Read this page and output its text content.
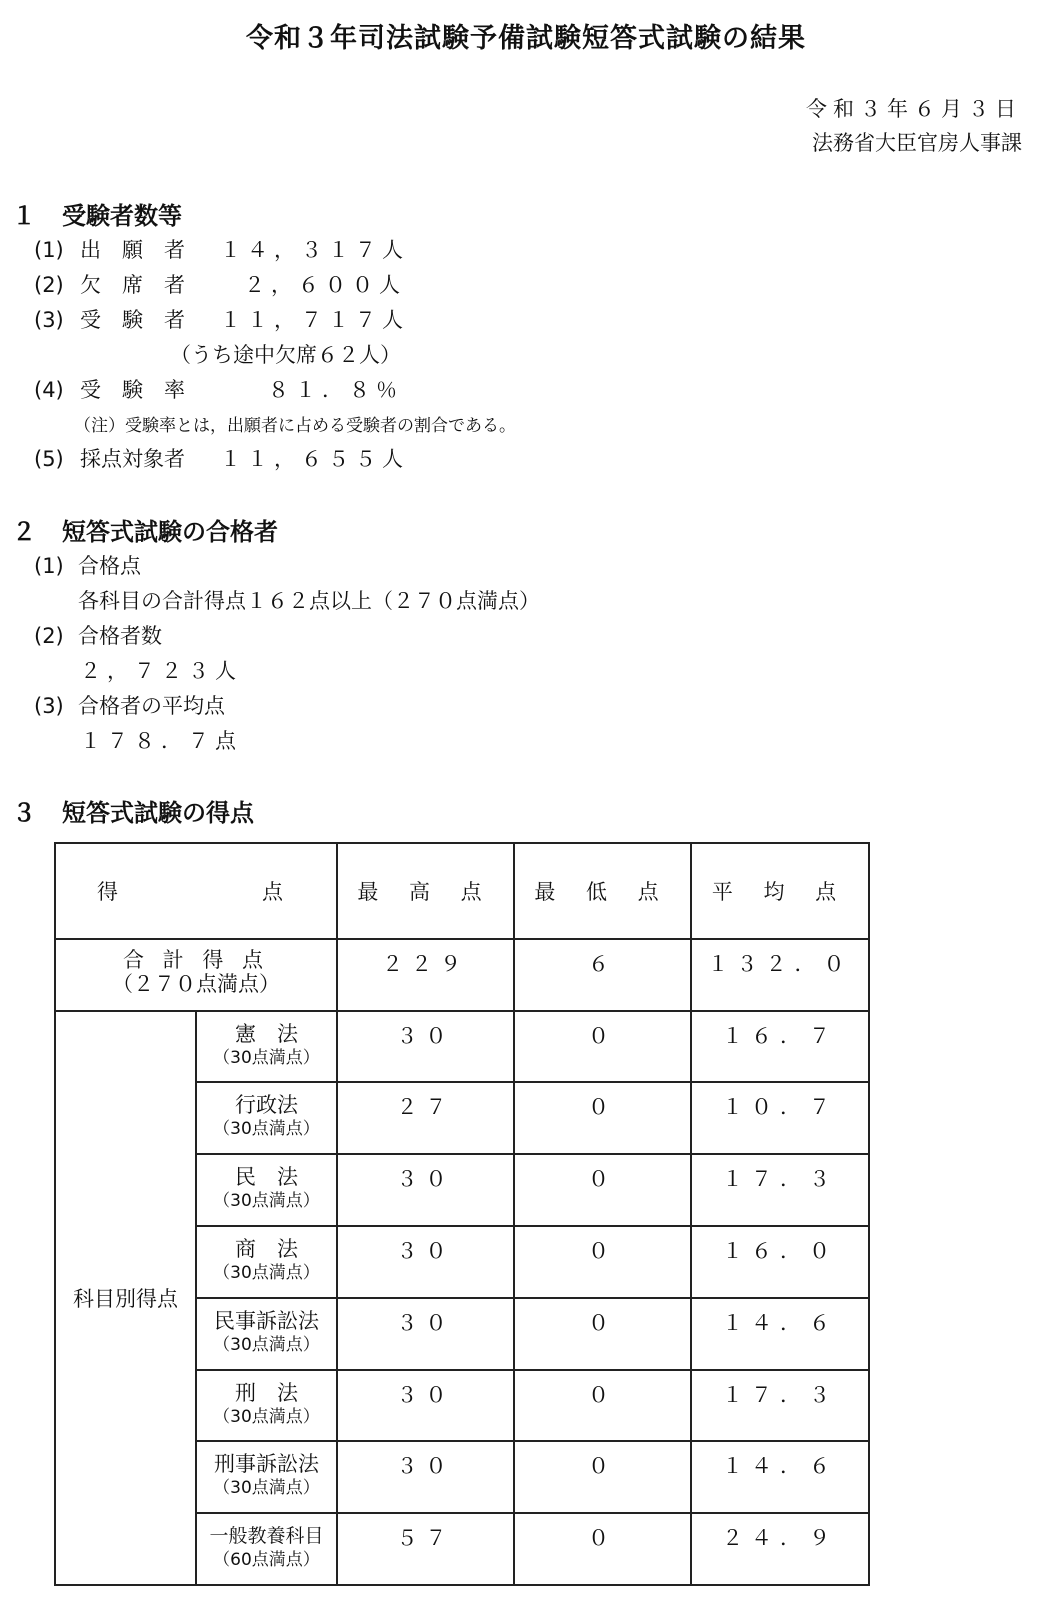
令和３年司法試験予備試験短答式試験の結果
令和３年６月３日
法務省大臣官房人事課
１ 受験者数等
(1) 出　願　者 １４，３１７人
(2) 欠　席　者	２，６００人
(3) 受　験　者 １１，７１７人
（うち途中欠席６２人）
(4) 受　験　率	８１．８％
（注）受験率とは，出願者に占める受験者の割合である。
(5) 採点対象者 １１，６５５人
２ 短答式試験の合格者
(1) 合格点
各科目の合計得点１６２点以上（２７０点満点）
(2) 合格者数
２，７２３人
(3) 合格者の平均点
１７８．７点
３ 短答式試験の得点
得　　　　点		最 高 点	最 低 点	平 均 点

合 計 得 点
（２７０点満点）		２２９	６	１３２．０

科目別得点	憲　法
（30点満点）	３０	０	１６．７

	行政法
（30点満点）	２７	０	１０．７

	民　法
（30点満点）	３０	０	１７．３

	商　法
（30点満点）	３０	０	１６．０

	民事訴訟法
（30点満点）	３０	０	１４．６

	刑　法
（30点満点）	３０	０	１７．３

	刑事訴訟法
（30点満点）	３０	０	１４．６

	一般教養科目
（60点満点）	５７	０	２４．９
